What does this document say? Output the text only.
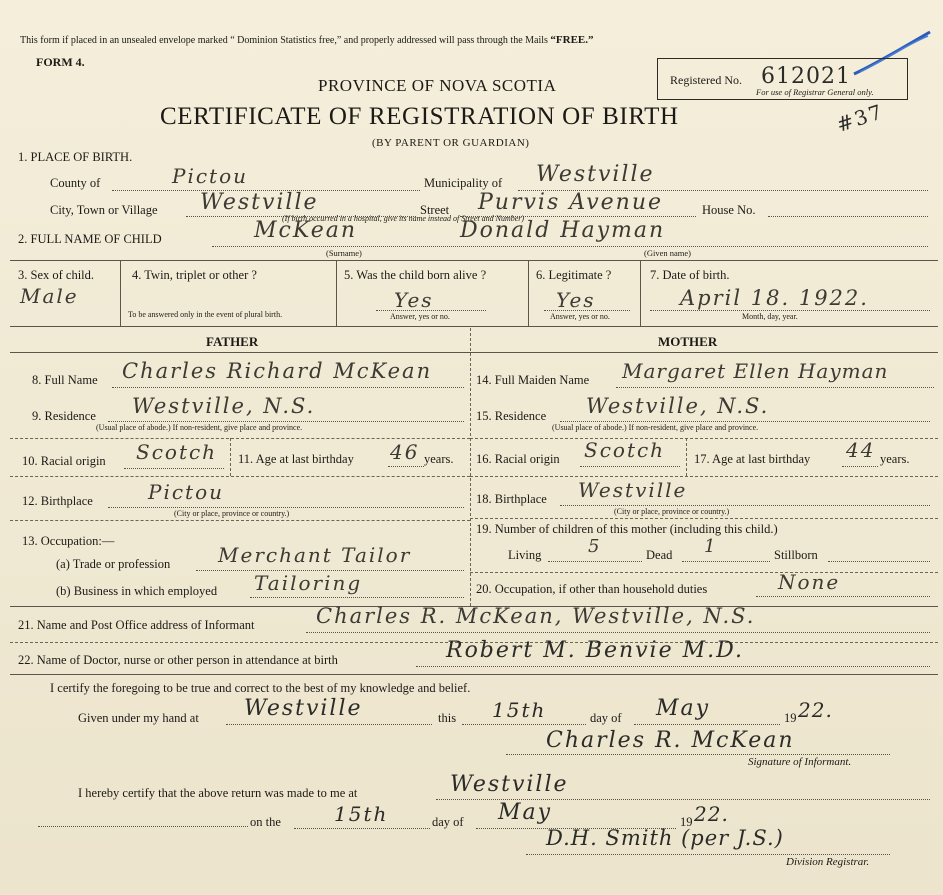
This form if placed in an unsealed envelope marked “ Dominion Statistics free,” and properly addressed will pass through the Mails “FREE.”
FORM 4.
PROVINCE OF NOVA SCOTIA	Registered No. 612021
For use of Registrar General only.
CERTIFICATE OF REGISTRATION OF BIRTH
(BY PARENT OR GUARDIAN)
#37
1. PLACE OF BIRTH.
County of	Pictou	Municipality of Westville
City, Town or Village Westville	Street Purvis Avenue	House No.
(If birth occurred in a hospital, give its name instead of Street and Number)
2. FULL NAME OF CHILD	McKean	Donald Hayman
(Surname)	(Given name)
3. Sex of child.
Male
4. Twin, triplet or other ?
To be answered only in the event of plural birth.
5. Was the child born alive ?
Yes
Answer, yes or no.
6. Legitimate ?
Yes
Answer, yes or no.
7. Date of birth.
April 18. 1922.
Month, day, year.
FATHER
8. Full Name Charles Richard McKean
9. Residence Westville, N.S.
(Usual place of abode.) If non-resident, give place and province.
10. Racial origin Scotch 11. Age at last birthday 46 years.
12. Birthplace	Pictou
(City or place, province or country.)
13. Occupation:—
(a) Trade or profession Merchant Tailor
(b) Business in which employed Tailoring
MOTHER
14. Full Maiden Name Margaret Ellen Hayman
15. Residence Westville, N.S.
(Usual place of abode.) If non-resident, give place and province.
16. Racial origin Scotch 17. Age at last birthday 44 years.
18. Birthplace Westville
(City or place, province or country.)
19. Number of children of this mother (including this child.)
Living	5	Dead 1	Stillborn
20. Occupation, if other than household duties	None
21. Name and Post Office address of Informant	Charles R. McKean, Westville, N.S.
22. Name of Doctor, nurse or other person in attendance at birth	Robert M. Benvie M.D.
I certify the foregoing to be true and correct to the best of my knowledge and belief.
Given under my hand at Westville	this 15th	day of May	19 22.
Charles R. McKean
Signature of Informant.
I hereby certify that the above return was made to me at	Westville
on the	15th	day of May	19 22.
D.H. Smith (per J.S.)
Division Registrar.
